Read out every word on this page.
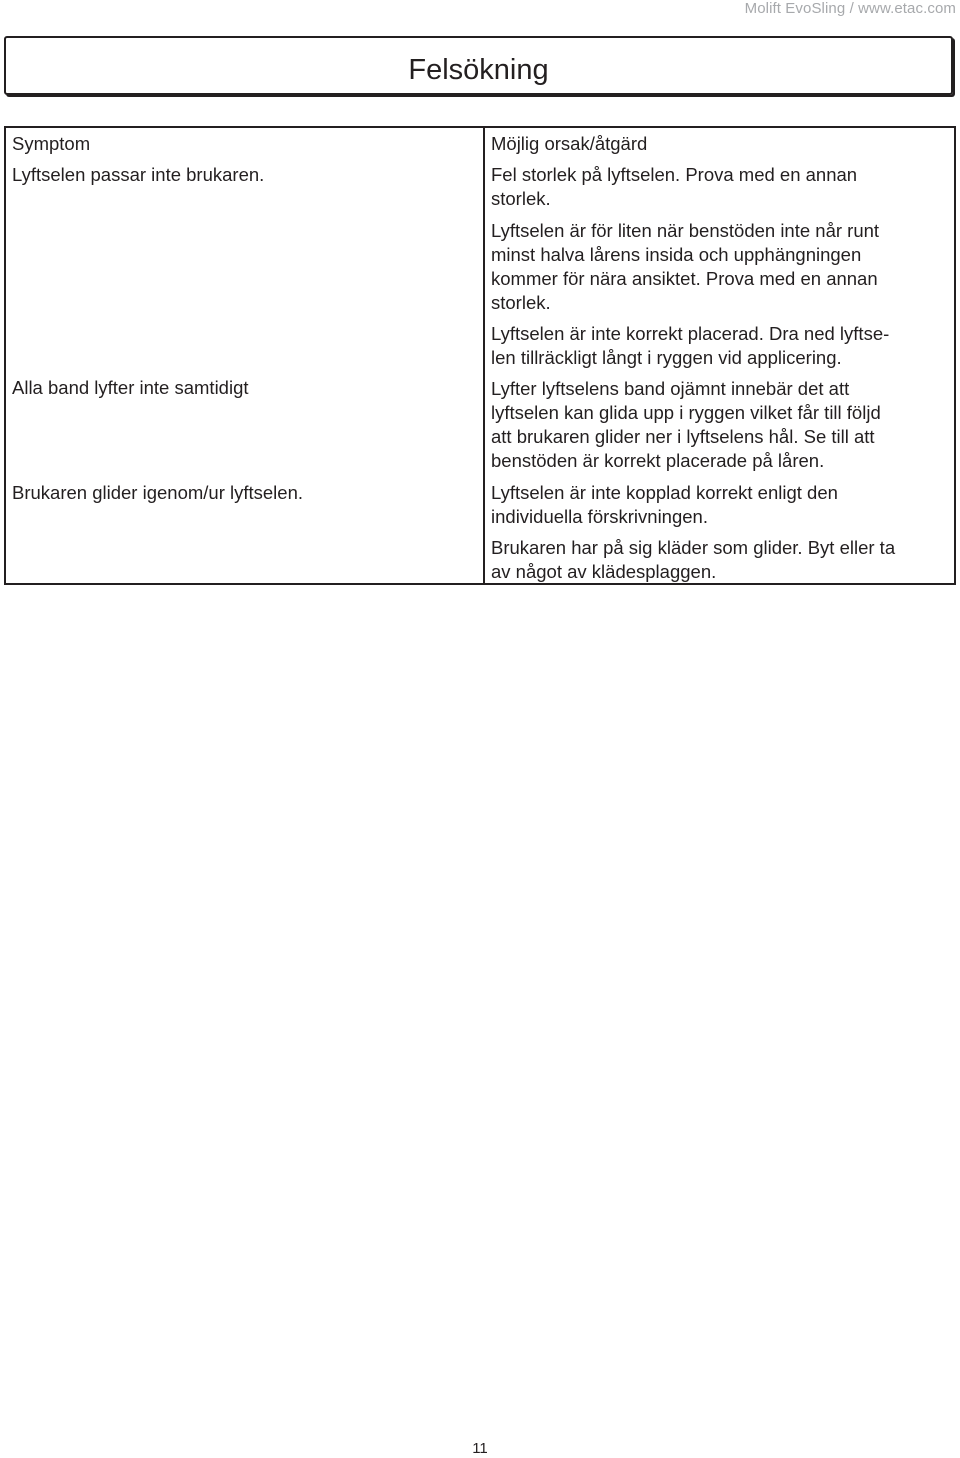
Molift EvoSling / www.etac.com
Felsökning
Symptom	Möjlig orsak/åtgärd
Lyftselen passar inte brukaren.
Alla band lyfter inte samtidigt
Brukaren glider igenom/ur lyftselen.
Fel storlek på lyftselen. Prova med en annan
storlek.
Lyftselen är för liten när benstöden inte når runt
minst halva lårens insida och upphängningen
kommer för nära ansiktet. Prova med en annan
storlek.
Lyftselen är inte korrekt placerad. Dra ned lyftse-
len tillräckligt långt i ryggen vid applicering.
Lyfter lyftselens band ojämnt innebär det att
lyftselen kan glida upp i ryggen vilket får till följd
att brukaren glider ner i lyftselens hål. Se till att
benstöden är korrekt placerade på låren.
Lyftselen är inte kopplad korrekt enligt den
individuella förskrivningen.
Brukaren har på sig kläder som glider. Byt eller ta
av något av klädesplaggen.
11
